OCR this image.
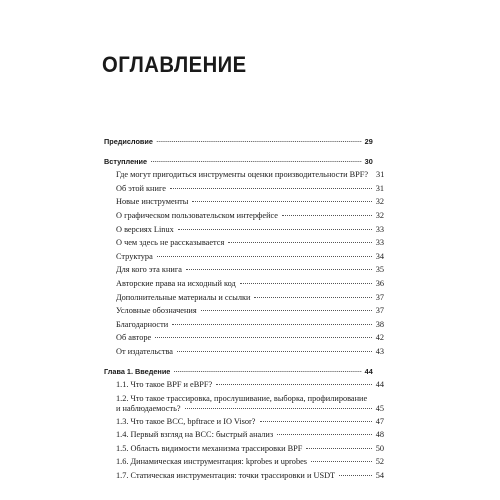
ОГЛАВЛЕНИЕ
Предисловие	29
Вступление	30
Где могут пригодиться инструменты оценки производительности BPF? 31
Об этой книге	31
Новые инструменты	32
О графическом пользовательском интерфейсе	32
О версиях Linux	33
О чем здесь не рассказывается	33
Структура	34
Для кого эта книга	35
Авторские права на исходный код	36
Дополнительные материалы и ссылки	37
Условные обозначения	37
Благодарности	38
Об авторе	42
От издательства	43
Глава 1. Введение	44
1.1. Что такое BPF и eBPF?	44
1.2. Что такое трассировка, прослушивание, выборка, профилирование
и наблюдаемость?	45
1.3. Что такое BCC, bpftrace и IO Visor?	47
1.4. Первый взгляд на BCC: быстрый анализ	48
1.5. Область видимости механизма трассировки BPF	50
1.6. Динамическая инструментация: kprobes и uprobes	52
1.7. Статическая инструментация: точки трассировки и USDT	54
